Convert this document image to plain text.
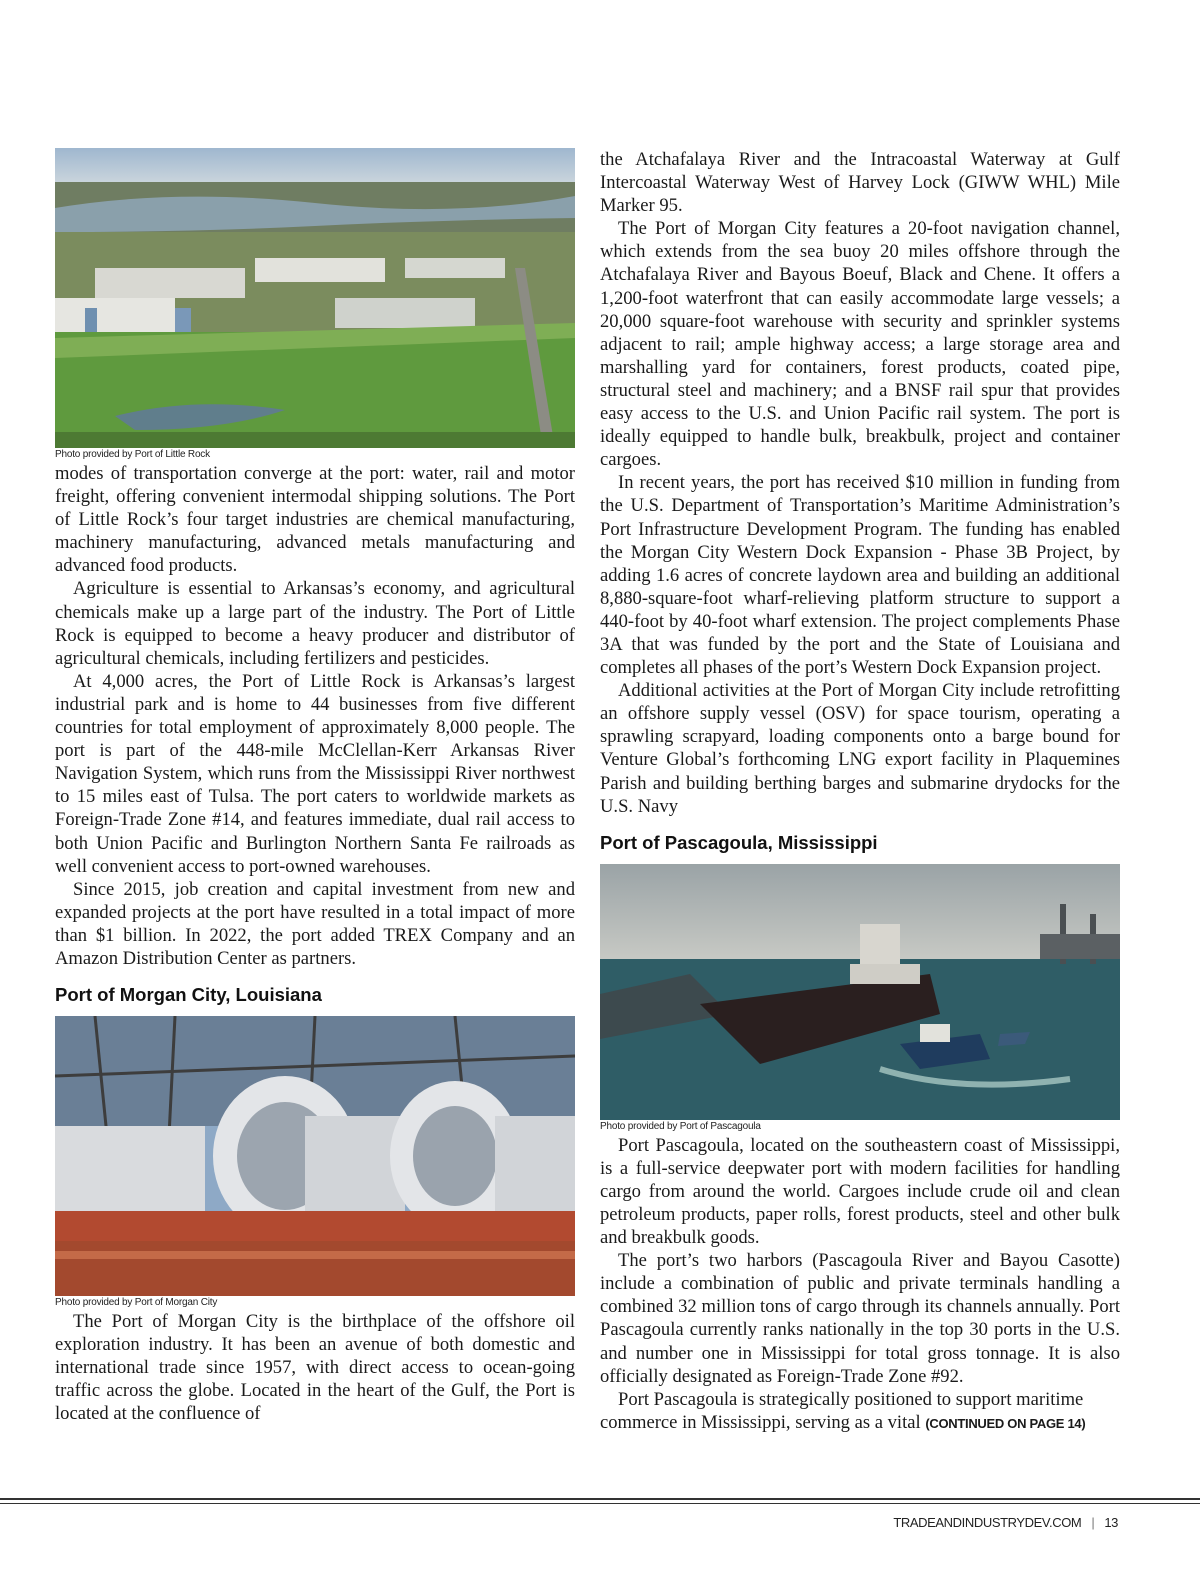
Photo provided by Port of Little Rock

modes of transportation converge at the port: water, rail and motor freight, offering convenient intermodal shipping solutions. The Port of Little Rock’s four target industries are chemical manufacturing, machinery manufacturing, advanced metals manufacturing and advanced food products.

Agriculture is essential to Arkansas’s economy, and agricultural chemicals make up a large part of the industry. The Port of Little Rock is equipped to become a heavy producer and distributor of agricultural chemicals, including fertilizers and pesticides.

At 4,000 acres, the Port of Little Rock is Arkansas’s largest industrial park and is home to 44 businesses from five different countries for total employment of approximately 8,000 people. The port is part of the 448-mile McClellan-Kerr Arkansas River Navigation System, which runs from the Mississippi River northwest to 15 miles east of Tulsa. The port caters to worldwide markets as Foreign-Trade Zone #14, and features immediate, dual rail access to both Union Pacific and Burlington Northern Santa Fe railroads as well convenient access to port-owned warehouses.

Since 2015, job creation and capital investment from new and expanded projects at the port have resulted in a total impact of more than $1 billion. In 2022, the port added TREX Company and an Amazon Distribution Center as partners.

Port of Morgan City, Louisiana
Photo provided by Port of Morgan City

The Port of Morgan City is the birthplace of the offshore oil exploration industry. It has been an avenue of both domestic and international trade since 1957, with direct access to ocean-going traffic across the globe. Located in the heart of the Gulf, the Port is located at the confluence of

the Atchafalaya River and the Intracoastal Waterway at Gulf Intercoastal Waterway West of Harvey Lock (GIWW WHL) Mile Marker 95.

The Port of Morgan City features a 20-foot navigation channel, which extends from the sea buoy 20 miles offshore through the Atchafalaya River and Bayous Boeuf, Black and Chene. It offers a 1,200-foot waterfront that can easily accommodate large vessels; a 20,000 square-foot warehouse with security and sprinkler systems adjacent to rail; ample highway access; a large storage area and marshalling yard for containers, forest products, coated pipe, structural steel and machinery; and a BNSF rail spur that provides easy access to the U.S. and Union Pacific rail system. The port is ideally equipped to handle bulk, breakbulk, project and container cargoes.

In recent years, the port has received $10 million in funding from the U.S. Department of Transportation’s Maritime Administration’s Port Infrastructure Development Program. The funding has enabled the Morgan City Western Dock Expansion - Phase 3B Project, by adding 1.6 acres of concrete laydown area and building an additional 8,880-square-foot wharf-relieving platform structure to support a 440-foot by 40-foot wharf extension. The project complements Phase 3A that was funded by the port and the State of Louisiana and completes all phases of the port’s Western Dock Expansion project.

Additional activities at the Port of Morgan City include retrofitting an offshore supply vessel (OSV) for space tourism, operating a sprawling scrapyard, loading components onto a barge bound for Venture Global’s forthcoming LNG export facility in Plaquemines Parish and building berthing barges and submarine drydocks for the U.S. Navy

Port of Pascagoula, Mississippi
Photo provided by Port of Pascagoula

Port Pascagoula, located on the southeastern coast of Mississippi, is a full-service deepwater port with modern facilities for handling cargo from around the world. Cargoes include crude oil and clean petroleum products, paper rolls, forest products, steel and other bulk and breakbulk goods.

The port’s two harbors (Pascagoula River and Bayou Casotte) include a combination of public and private terminals handling a combined 32 million tons of cargo through its channels annually. Port Pascagoula currently ranks nationally in the top 30 ports in the U.S. and number one in Mississippi for total gross tonnage. It is also officially designated as Foreign-Trade Zone #92.

Port Pascagoula is strategically positioned to support maritime commerce in Mississippi, serving as a vital (CONTINUED ON PAGE 14)

TRADEANDINDUSTRYDEV.COM | 13
